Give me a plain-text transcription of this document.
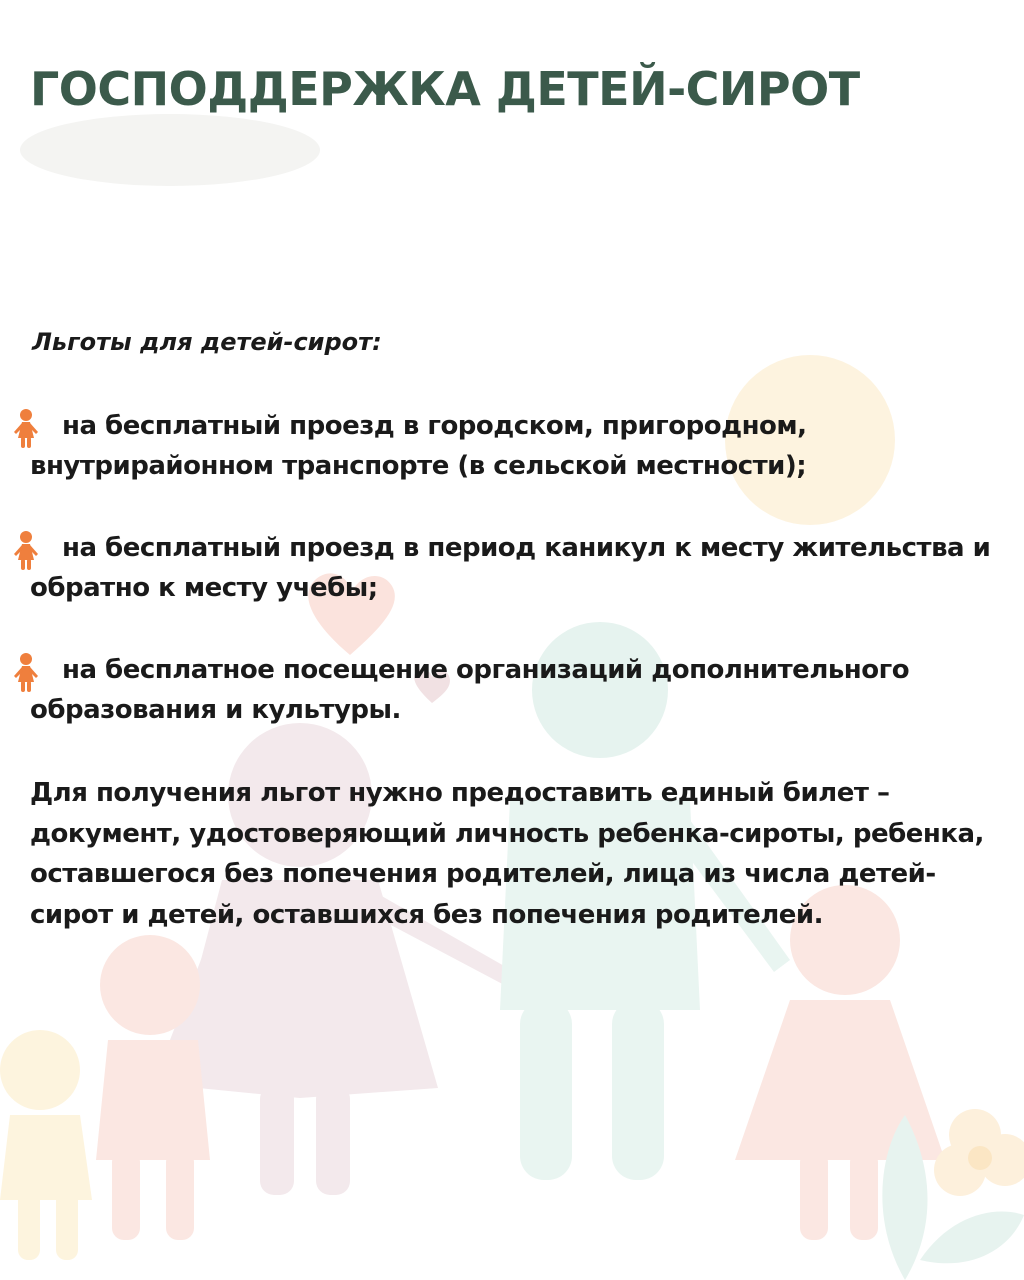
ГОСПОДДЕРЖКА ДЕТЕЙ-СИРОТ

Льготы для детей-сирот:

на бесплатный проезд в городском, пригородном, внутрирайонном транспорте (в сельской местности);
на бесплатный проезд в период каникул к месту жительства и обратно к месту учебы;
на бесплатное посещение организаций дополнительного образования и культуры.

Для получения льгот нужно предоставить единый билет – документ, удостоверяющий личность ребенка-сироты, ребенка, оставшегося без попечения родителей, лица из числа детей-сирот и детей, оставшихся без попечения родителей.
